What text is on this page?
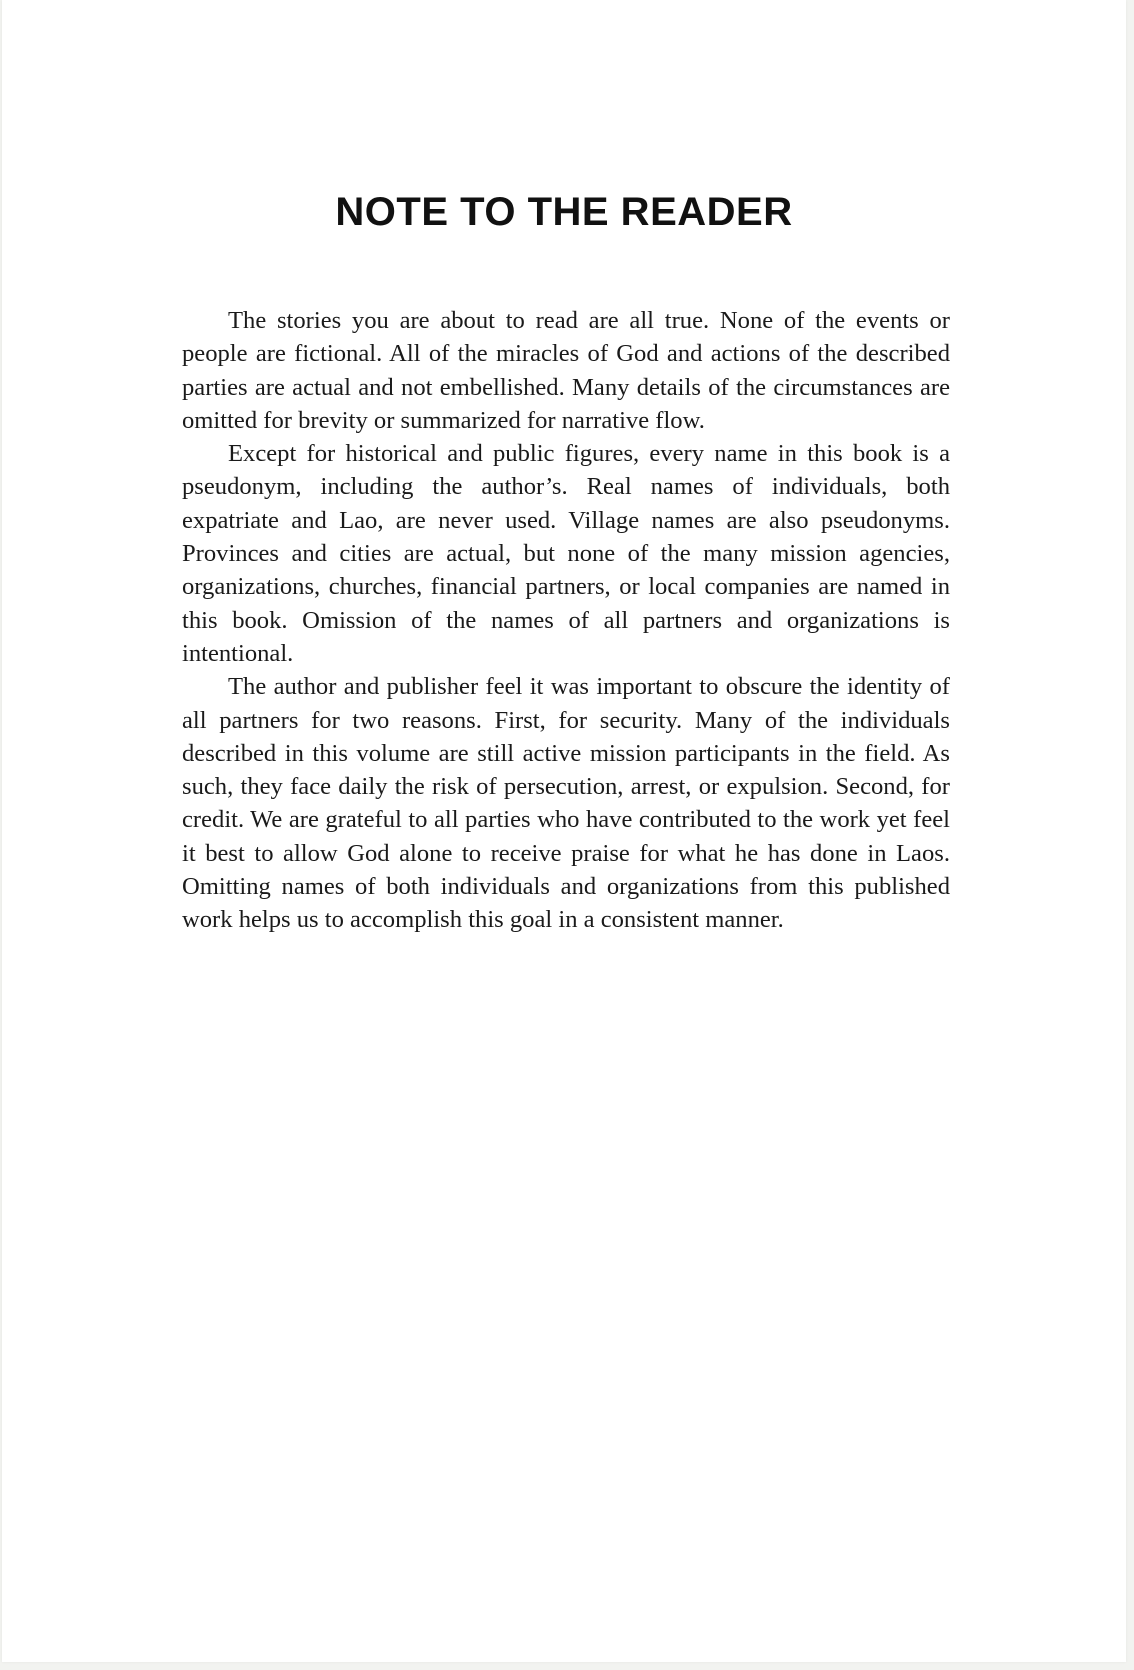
NOTE TO THE READER

The stories you are about to read are all true. None of the events or people are fictional. All of the miracles of God and actions of the described parties are actual and not embellished. Many details of the circumstances are omitted for brevity or summarized for narrative flow.

Except for historical and public figures, every name in this book is a pseudonym, including the author’s. Real names of individuals, both expatriate and Lao, are never used. Village names are also pseudonyms. Provinces and cities are actual, but none of the many mission agencies, organizations, churches, financial partners, or local companies are named in this book. Omission of the names of all partners and organizations is intentional.

The author and publisher feel it was important to obscure the identity of all partners for two reasons. First, for security. Many of the individuals described in this volume are still active mission participants in the field. As such, they face daily the risk of persecution, arrest, or expulsion. Second, for credit. We are grateful to all parties who have contributed to the work yet feel it best to allow God alone to receive praise for what he has done in Laos. Omitting names of both individuals and organizations from this published work helps us to accomplish this goal in a consistent manner.
